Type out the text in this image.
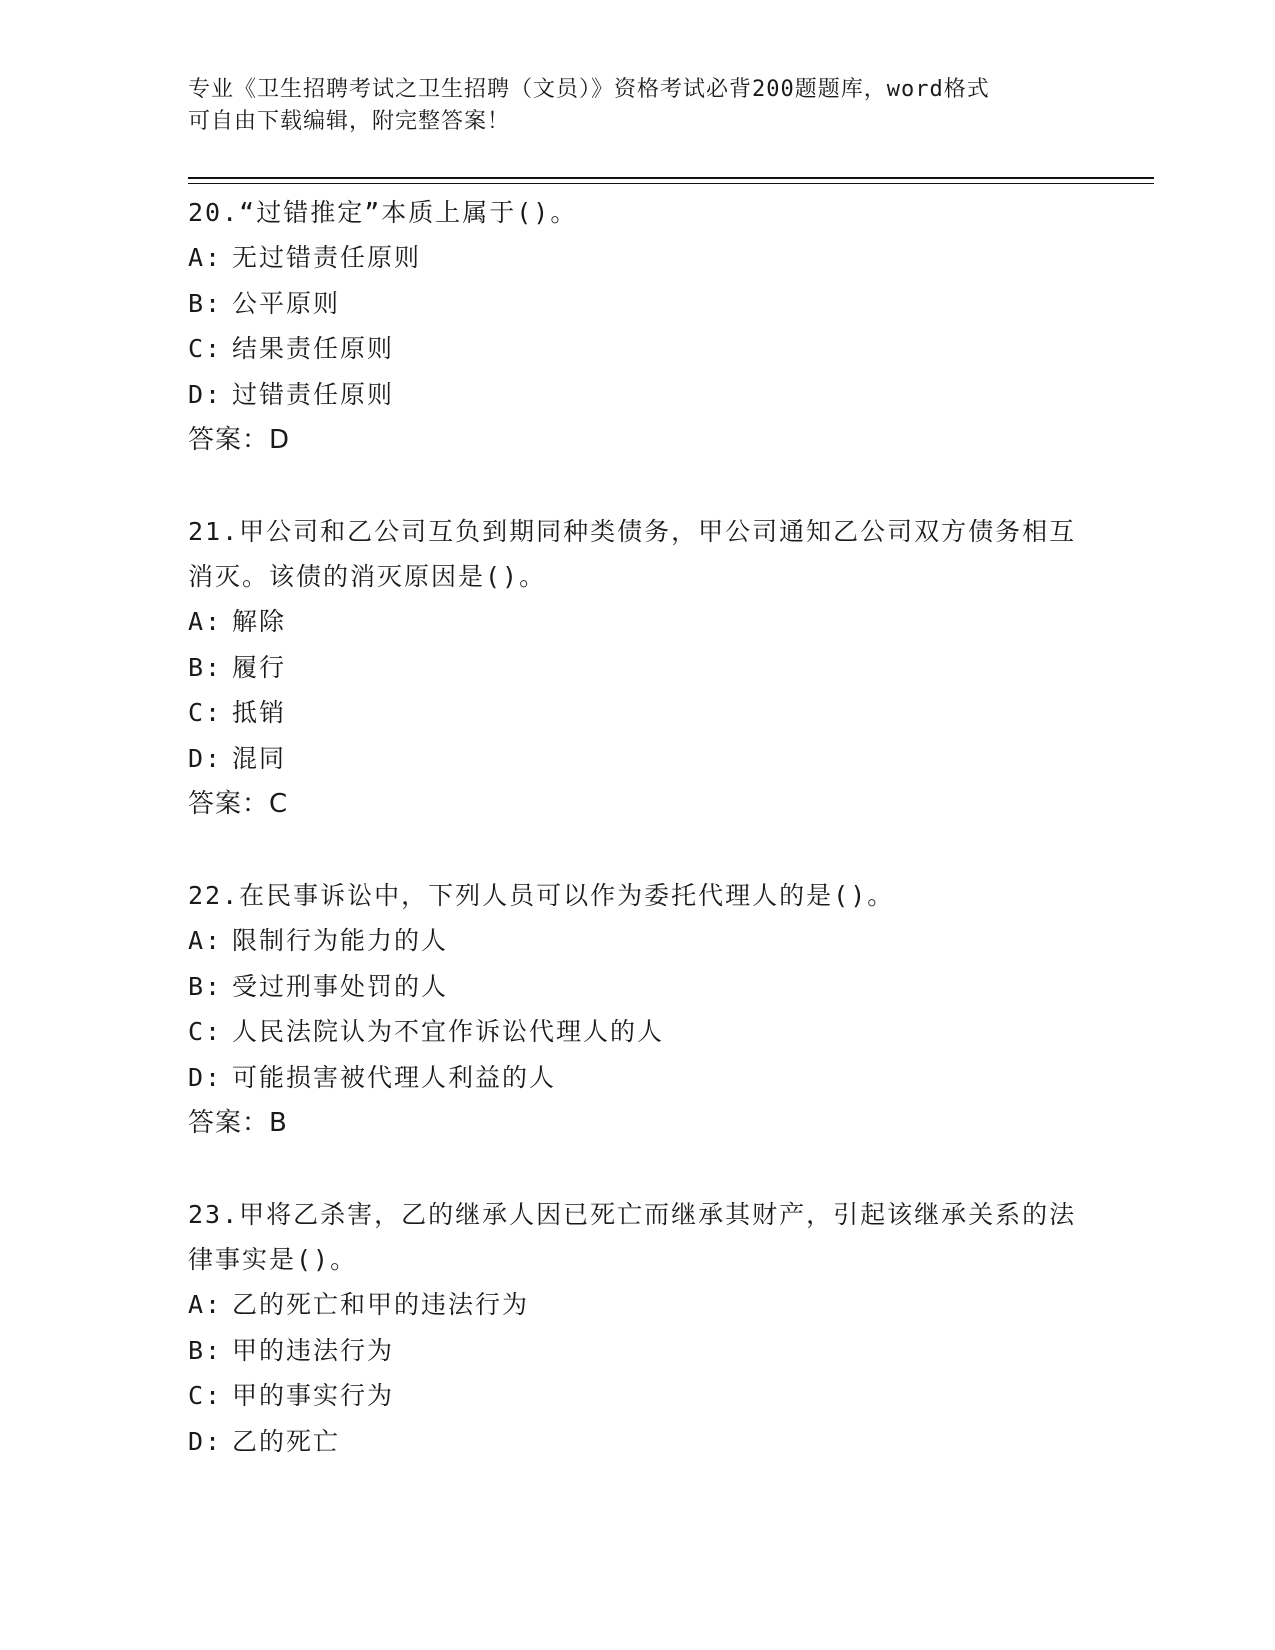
专业《卫生招聘考试之卫生招聘（文员）》资格考试必背200题题库，word格式
可自由下载编辑，附完整答案！
20.“过错推定”本质上属于()。
A: 无过错责任原则
B: 公平原则
C: 结果责任原则
D: 过错责任原则
答案：D
21.甲公司和乙公司互负到期同种类债务，甲公司通知乙公司双方债务相互消灭。该债的消灭原因是()。
A: 解除
B: 履行
C: 抵销
D: 混同
答案：C
22.在民事诉讼中，下列人员可以作为委托代理人的是()。
A: 限制行为能力的人
B: 受过刑事处罚的人
C: 人民法院认为不宜作诉讼代理人的人
D: 可能损害被代理人利益的人
答案：B
23.甲将乙杀害，乙的继承人因已死亡而继承其财产，引起该继承关系的法律事实是()。
A: 乙的死亡和甲的违法行为
B: 甲的违法行为
C: 甲的事实行为
D: 乙的死亡
